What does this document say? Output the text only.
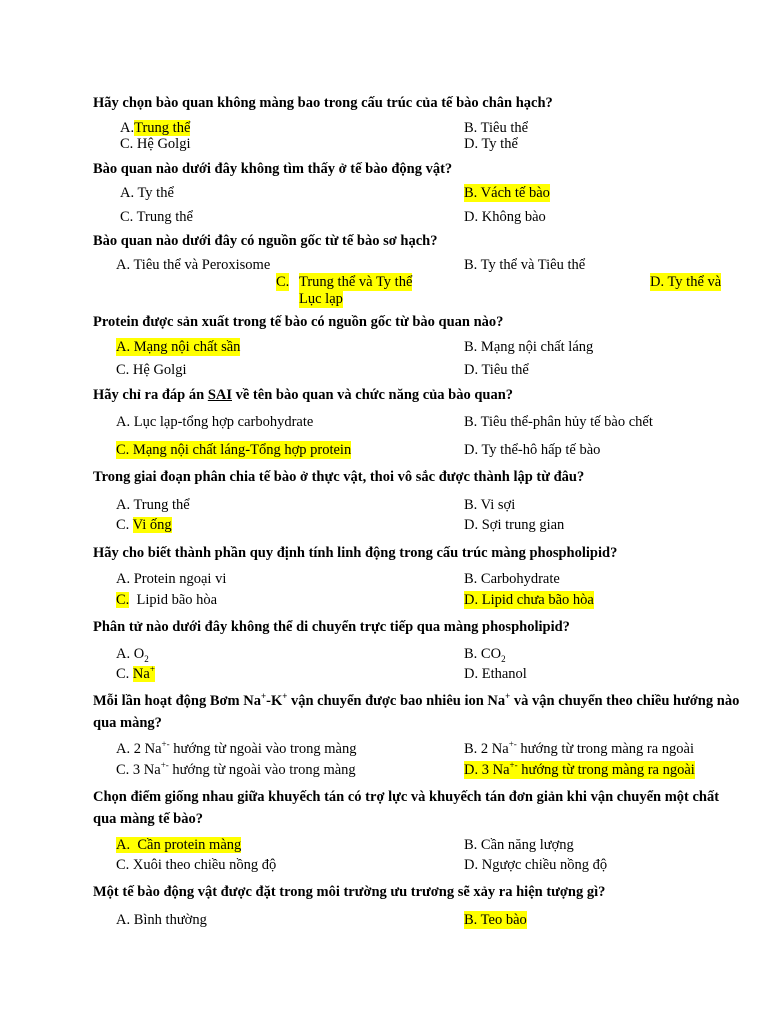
Hãy chọn bào quan không màng bao trong cấu trúc của tế bào chân hạch?

A.Trung thể	B. Tiêu thể
C. Hệ Golgi	D. Ty thể

Bào quan nào dưới đây không tìm thấy ở tế bào động vật?

A. Ty thể	B. Vách tế bào
C. Trung thể	D. Không bào

Bào quan nào dưới đây có nguồn gốc từ tế bào sơ hạch?

A. Tiêu thể và Peroxisome	B. Ty thể và Tiêu thể
C. Trung thể và Ty thể
Lục lạp
D. Ty thể và

Protein được sản xuất trong tế bào có nguồn gốc từ bào quan nào?

A. Mạng nội chất sần	B. Mạng nội chất láng
C. Hệ Golgi	D. Tiêu thể

Hãy chỉ ra đáp án SAI về tên bào quan và chức năng của bào quan?

A. Lục lạp-tổng hợp carbohydrate	B. Tiêu thể-phân hủy tế bào chết
C. Mạng nội chất láng-Tổng hợp protein	D. Ty thể-hô hấp tế bào

Trong giai đoạn phân chia tế bào ở thực vật, thoi vô sắc được thành lập từ đâu?

A. Trung thể	B. Vi sợi
C. Vi ống	D. Sợi trung gian

Hãy cho biết thành phần quy định tính linh động trong cấu trúc màng phospholipid?

A. Protein ngoại vi	B. Carbohydrate
C. Lipid bão hòa	D. Lipid chưa bão hòa

Phân tử nào dưới đây không thể di chuyển trực tiếp qua màng phospholipid?

A. $O_2$	B. $CO_2$
C. Na+	D. Ethanol

Mỗi lần hoạt động Bơm Na+-K+ vận chuyển được bao nhiêu ion Na+ và vận chuyển theo chiều hướng nào qua màng?

A. 2 Na+- hướng từ ngoài vào trong màng	B. 2 Na+- hướng từ trong màng ra ngoài
C. 3 Na+- hướng từ ngoài vào trong màng	D. 3 Na+- hướng từ trong màng ra ngoài

Chọn điểm giống nhau giữa khuyếch tán có trợ lực và khuyếch tán đơn giản khi vận chuyển một chất qua màng tế bào?

A. Cần protein màng	B. Cần năng lượng
C. Xuôi theo chiều nồng độ	D. Ngược chiều nồng độ

Một tế bào động vật được đặt trong môi trường ưu trương sẽ xảy ra hiện tượng gì?

A. Bình thường	B. Teo bào
